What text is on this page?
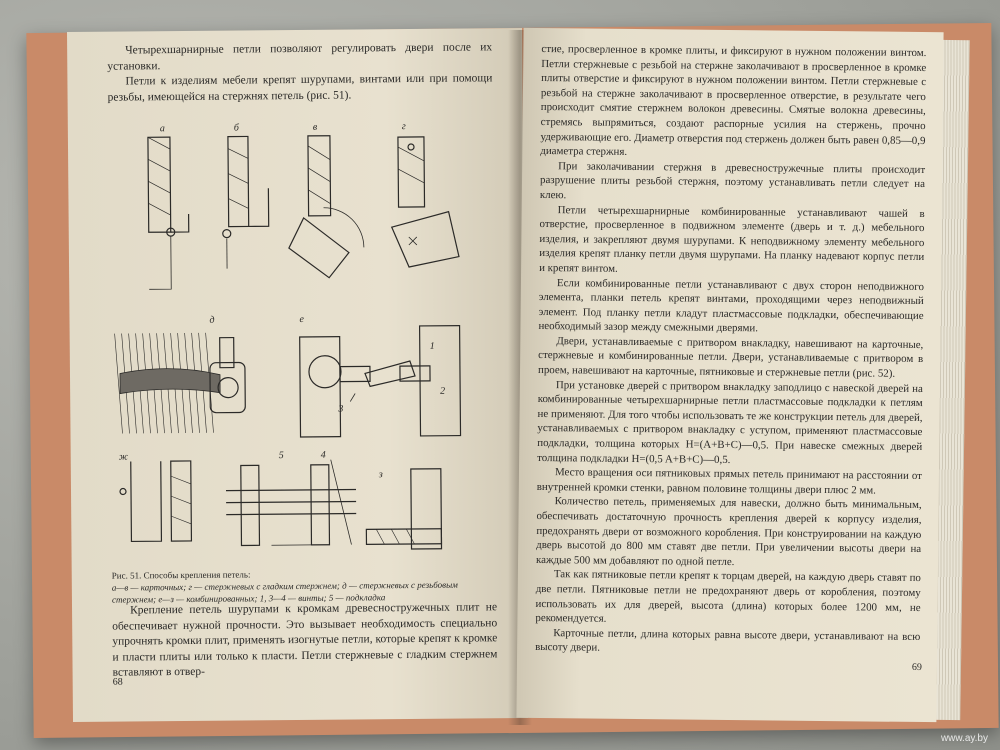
Четырехшарнирные петли позволяют регулировать двери после их установки.

Петли к изделиям мебели крепят шурупами, винтами или при помощи резьбы, имеющейся на стержнях петель (рис. 51).

а	б	в	г
д	е
1
2
3
ж	5	4
з
Рис. 51. Способы крепления петель:
а—в — карточных; г — стержневых с гладким стержнем; д — стержневых с резьбовым стержнем; е—з — комбинированных; 1, 3—4 — винты; 5 — подкладка

Крепление петель шурупами к кромкам древесностружечных плит не обеспечивает нужной прочности. Это вызывает необходимость специально упрочнять кромки плит, применять изогнутые петли, которые крепят к кромке и пласти плиты или только к пласти. Петли стержневые с гладким стержнем вставляют в отвер-

68

стие, просверленное в кромке плиты, и фиксируют в нужном положении винтом. Петли стержневые с резьбой на стержне заколачивают в просверленное в кромке плиты отверстие и фиксируют в нужном положении винтом. Петли стержневые с резьбой на стержне заколачивают в просверленное отверстие, в результате чего происходит смятие стержнем волокон древесины. Смятые волокна древесины, стремясь выпрямиться, создают распорные усилия на стержень, прочно удерживающие его. Диаметр отверстия под стержень должен быть равен 0,85—0,9 диаметра стержня.

При заколачивании стержня в древесностружечные плиты происходит разрушение плиты резьбой стержня, поэтому устанавливать петли следует на клею.

Петли четырехшарнирные комбинированные устанавливают чашей в отверстие, просверленное в подвижном элементе (дверь и т. д.) мебельного изделия, и закрепляют двумя шурупами. К неподвижному элементу мебельного изделия крепят планку петли двумя шурупами. На планку надевают корпус петли и крепят винтом.

Если комбинированные петли устанавливают с двух сторон неподвижного элемента, планки петель крепят винтами, проходящими через неподвижный элемент. Под планку петли кладут пластмассовые подкладки, обеспечивающие необходимый зазор между смежными дверями.

Двери, устанавливаемые с притвором внакладку, навешивают на карточные, стержневые и комбинированные петли. Двери, устанавливаемые с притвором в проем, навешивают на карточные, пятниковые и стержневые петли (рис. 52).

При установке дверей с притвором внакладку заподлицо с навеской дверей на комбинированные четырехшарнирные петли пластмассовые подкладки к петлям не применяют. Для того чтобы использовать те же конструкции петель для дверей, устанавливаемых с притвором внакладку с уступом, применяют пластмассовые подкладки, толщина которых H=(A+B+C)—0,5. При навеске смежных дверей толщина подкладки H=(0,5 A+B+C)—0,5.

Место вращения оси пятниковых прямых петель принимают на расстоянии от внутренней кромки стенки, равном половине толщины двери плюс 2 мм.

Количество петель, применяемых для навески, должно быть минимальным, обеспечивать достаточную прочность крепления дверей к корпусу изделия, предохранять двери от возможного коробления. При конструировании на каждую дверь высотой до 800 мм ставят две петли. При увеличении высоты двери на каждые 500 мм добавляют по одной петле.

Так как пятниковые петли крепят к торцам дверей, на каждую дверь ставят по две петли. Пятниковые петли не предохраняют дверь от коробления, поэтому использовать их для дверей, высота (длина) которых более 1200 мм, не рекомендуется.

Карточные петли, длина которых равна высоте двери, устанавливают на всю высоту двери.

69
www.ay.by
